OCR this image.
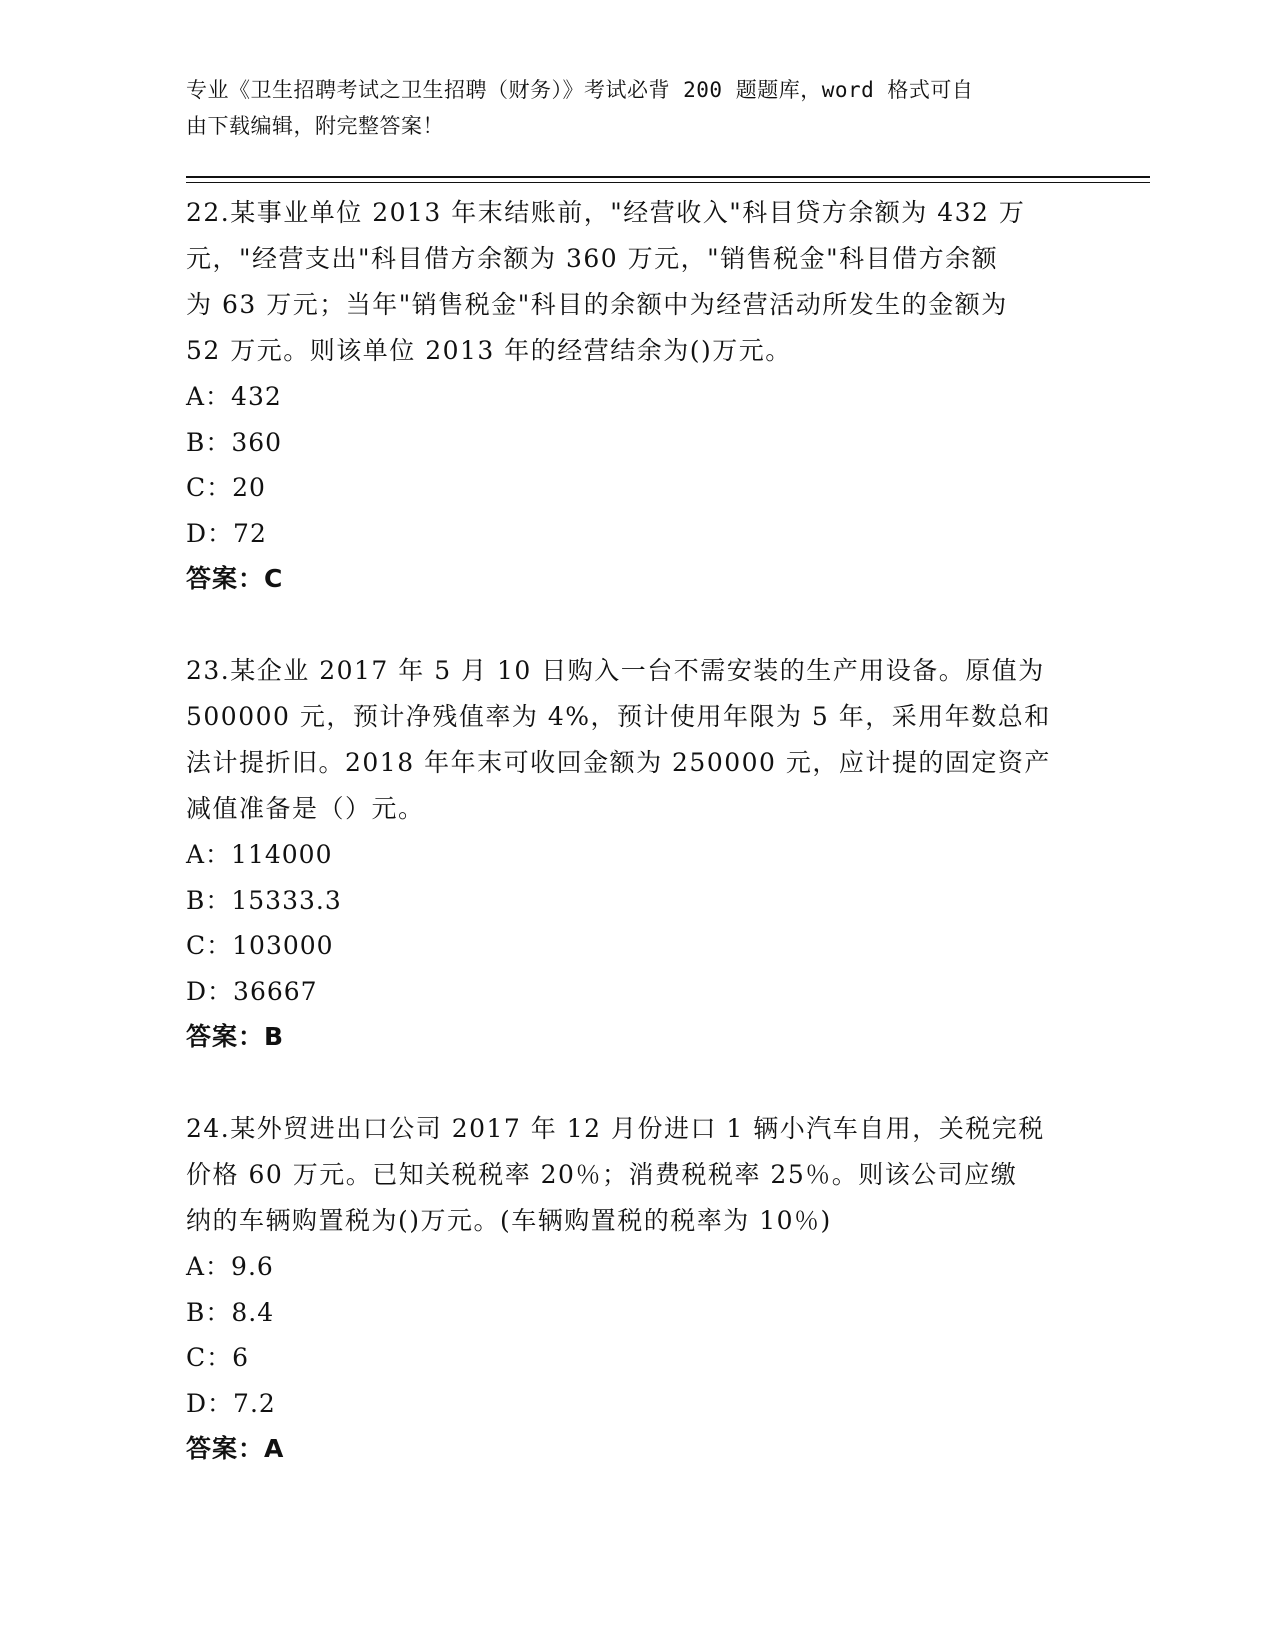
专业《卫生招聘考试之卫生招聘（财务）》考试必背 200 题题库，word 格式可自
由下载编辑，附完整答案！

22.某事业单位 2013 年末结账前，"经营收入"科目贷方余额为 432 万

元，"经营支出"科目借方余额为 360 万元，"销售税金"科目借方余额

为 63 万元；当年"销售税金"科目的余额中为经营活动所发生的金额为

52 万元。则该单位 2013 年的经营结余为()万元。

A：432

B：360

C：20

D：72

答案：C

23.某企业 2017 年 5 月 10 日购入一台不需安装的生产用设备。原值为

500000 元，预计净残值率为 4%，预计使用年限为 5 年，采用年数总和

法计提折旧。2018 年年末可收回金额为 250000 元，应计提的固定资产

减值准备是（）元。

A：114000

B：15333.3

C：103000

D：36667

答案：B

24.某外贸进出口公司 2017 年 12 月份进口 1 辆小汽车自用，关税完税

价格 60 万元。已知关税税率 20％；消费税税率 25％。则该公司应缴

纳的车辆购置税为()万元。(车辆购置税的税率为 10％)

A：9.6

B：8.4

C：6

D：7.2

答案：A
